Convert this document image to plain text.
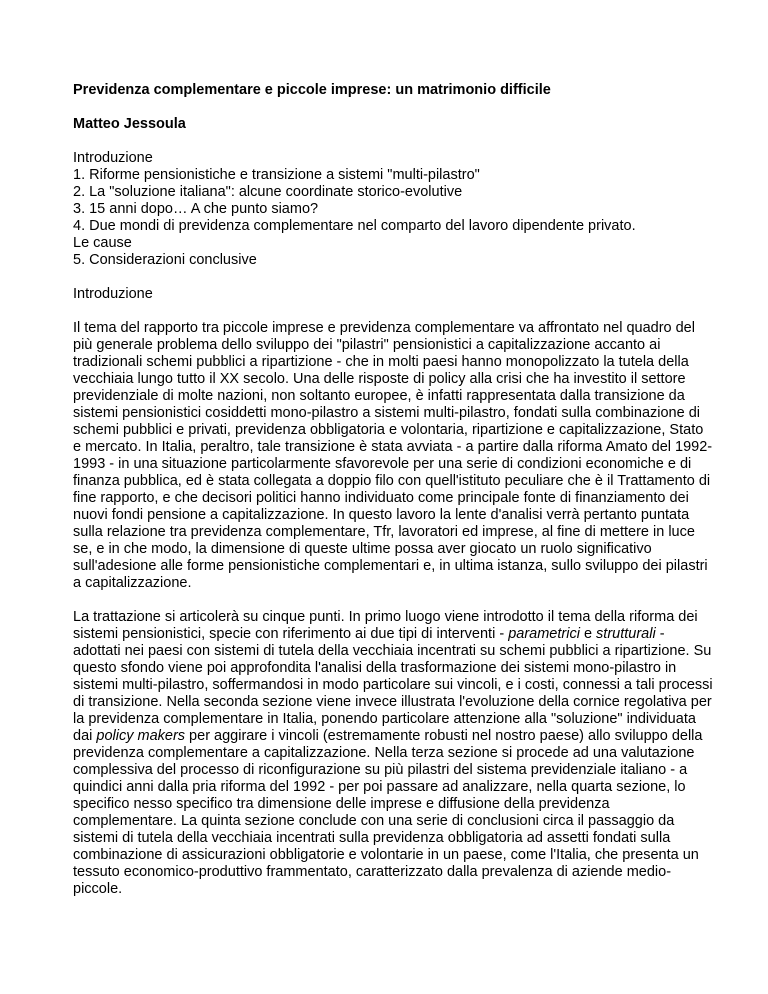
Previdenza complementare e piccole imprese: un matrimonio difficile
Matteo Jessoula
Introduzione
1. Riforme pensionistiche e transizione a sistemi "multi-pilastro"
2. La "soluzione italiana": alcune coordinate storico-evolutive
3. 15 anni dopo… A che punto siamo?
4. Due mondi di previdenza complementare nel comparto del lavoro dipendente privato.
Le cause
5. Considerazioni conclusive
Introduzione

Il tema del rapporto tra piccole imprese e previdenza complementare va affrontato nel quadro del più generale problema dello sviluppo dei "pilastri" pensionistici a capitalizzazione accanto ai tradizionali schemi pubblici a ripartizione - che in molti paesi hanno monopolizzato la tutela della vecchiaia lungo tutto il XX secolo. Una delle risposte di policy alla crisi che ha investito il settore previdenziale di molte nazioni, non soltanto europee, è infatti rappresentata dalla transizione da sistemi pensionistici cosiddetti mono-pilastro a sistemi multi-pilastro, fondati sulla combinazione di schemi pubblici e privati, previdenza obbligatoria e volontaria, ripartizione e capitalizzazione, Stato e mercato. In Italia, peraltro, tale transizione è stata avviata - a partire dalla riforma Amato del 1992-1993 - in una situazione particolarmente sfavorevole per una serie di condizioni economiche e di finanza pubblica, ed è stata collegata a doppio filo con quell'istituto peculiare che è il Trattamento di fine rapporto, e che decisori politici hanno individuato come principale fonte di finanziamento dei nuovi fondi pensione a capitalizzazione. In questo lavoro la lente d'analisi verrà pertanto puntata sulla relazione tra previdenza complementare, Tfr, lavoratori ed imprese, al fine di mettere in luce se, e in che modo, la dimensione di queste ultime possa aver giocato un ruolo significativo sull'adesione alle forme pensionistiche complementari e, in ultima istanza, sullo sviluppo dei pilastri a capitalizzazione.

La trattazione si articolerà su cinque punti. In primo luogo viene introdotto il tema della riforma dei sistemi pensionistici, specie con riferimento ai due tipi di interventi - parametrici e strutturali - adottati nei paesi con sistemi di tutela della vecchiaia incentrati su schemi pubblici a ripartizione. Su questo sfondo viene poi approfondita l'analisi della trasformazione dei sistemi mono-pilastro in sistemi multi-pilastro, soffermandosi in modo particolare sui vincoli, e i costi, connessi a tali processi di transizione. Nella seconda sezione viene invece illustrata l'evoluzione della cornice regolativa per la previdenza complementare in Italia, ponendo particolare attenzione alla "soluzione" individuata dai policy makers per aggirare i vincoli (estremamente robusti nel nostro paese) allo sviluppo della previdenza complementare a capitalizzazione. Nella terza sezione si procede ad una valutazione complessiva del processo di riconfigurazione su più pilastri del sistema previdenziale italiano - a quindici anni dalla pria riforma del 1992 - per poi passare ad analizzare, nella quarta sezione, lo specifico nesso specifico tra dimensione delle imprese e diffusione della previdenza complementare. La quinta sezione conclude con una serie di conclusioni circa il passaggio da sistemi di tutela della vecchiaia incentrati sulla previdenza obbligatoria ad assetti fondati sulla combinazione di assicurazioni obbligatorie e volontarie in un paese, come l'Italia, che presenta un tessuto economico-produttivo frammentato, caratterizzato dalla prevalenza di aziende medio-piccole.
